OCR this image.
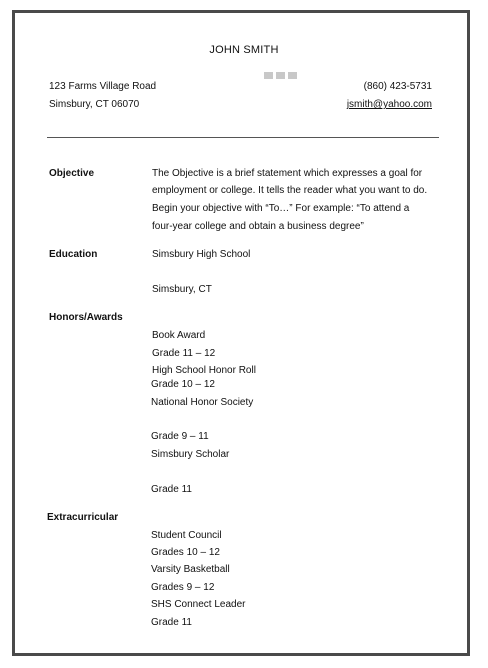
JOHN SMITH
123 Farms Village Road
Simsbury, CT 06070
(860) 423-5731
jsmith@yahoo.com
Objective	The Objective is a brief statement which expresses a goal for
employment or college. It tells the reader what you want to do.
Begin your objective with “To…” For example: “To attend a
four-year college and obtain a business degree”
Education	Simsbury High School
Simsbury, CT
Honors/Awards
Book Award
Grade 11 – 12
High School Honor Roll
Grade 10 – 12
National Honor Society
Grade 9 – 11
Simsbury Scholar
Grade 11
Extracurricular
Student Council
Grades 10 – 12
Varsity Basketball
Grades 9 – 12
SHS Connect Leader
Grade 11
